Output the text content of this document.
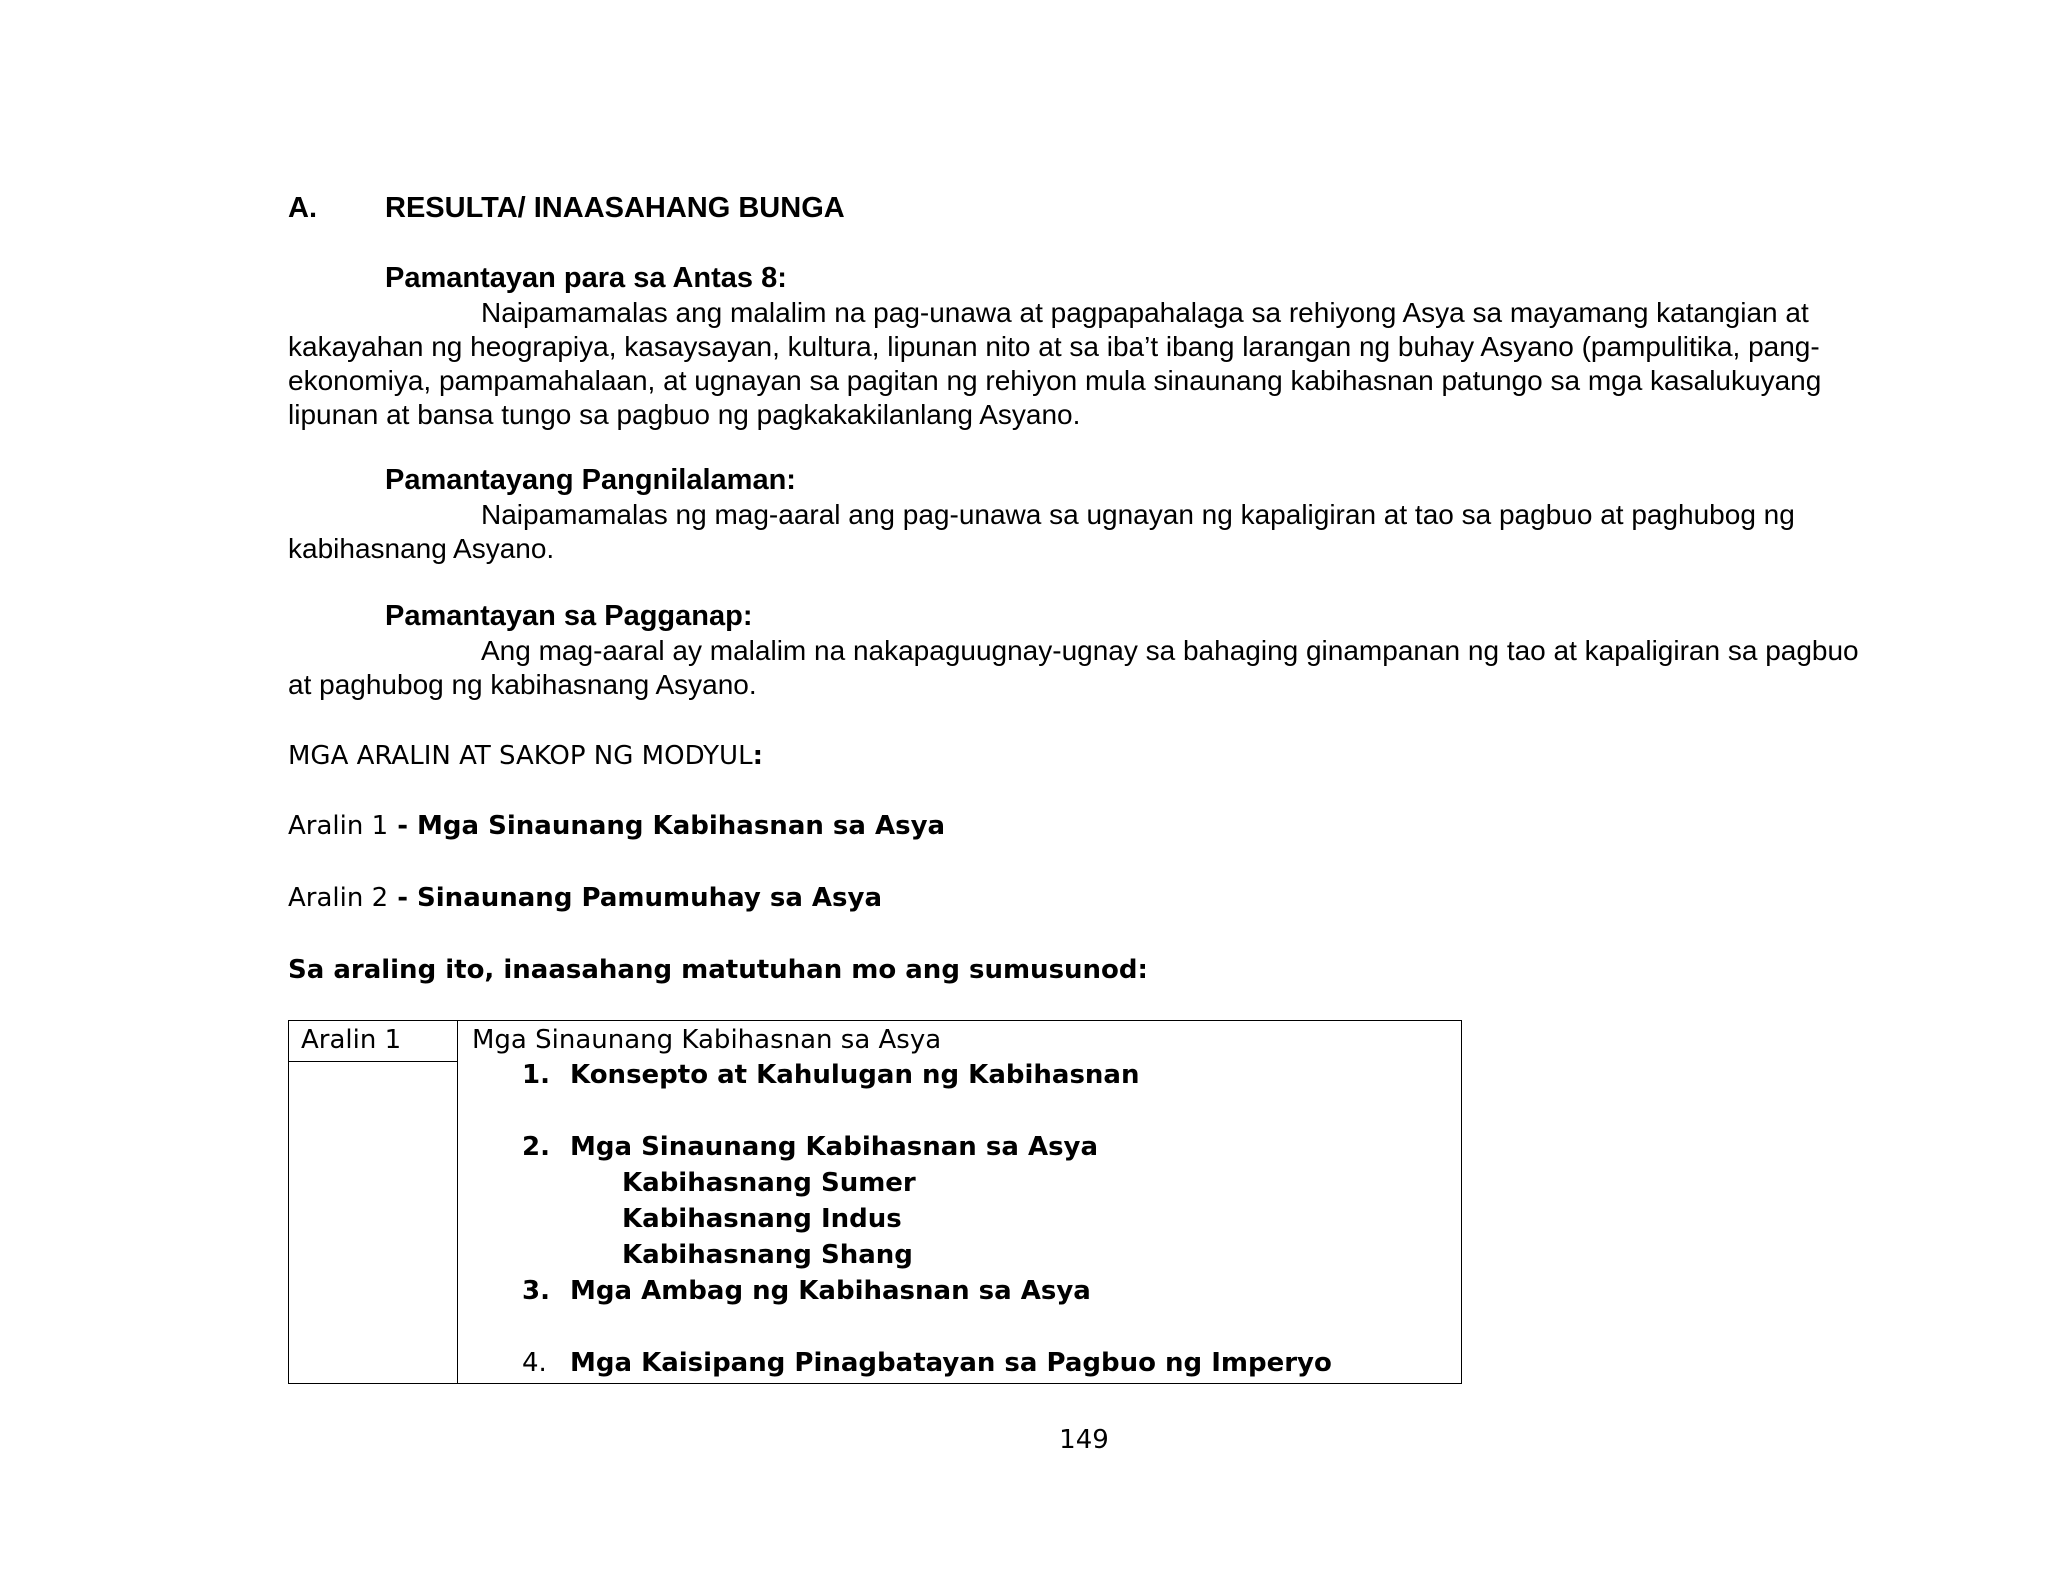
A. RESULTA/ INAASAHANG BUNGA
Pamantayan para sa Antas 8:

Naipamamalas ang malalim na pag-unawa at pagpapahalaga sa rehiyong Asya sa mayamang katangian at kakayahan ng heograpiya, kasaysayan, kultura, lipunan nito at sa iba’t ibang larangan ng buhay Asyano (pampulitika, pang-ekonomiya, pampamahalaan, at ugnayan sa pagitan ng rehiyon mula sinaunang kabihasnan patungo sa mga kasalukuyang lipunan at bansa tungo sa pagbuo ng pagkakakilanlang Asyano.

Pamantayang Pangnilalaman:

Naipamamalas ng mag-aaral ang pag-unawa sa ugnayan ng kapaligiran at tao sa pagbuo at paghubog ng kabihasnang Asyano.

Pamantayan sa Pagganap:

Ang mag-aaral ay malalim na nakapaguugnay-ugnay sa bahaging ginampanan ng tao at kapaligiran sa pagbuo at paghubog ng kabihasnang Asyano.

MGA ARALIN AT SAKOP NG MODYUL:
Aralin 1 - Mga Sinaunang Kabihasnan sa Asya
Aralin 2 - Sinaunang Pamumuhay sa Asya
Sa araling ito, inaasahang matutuhan mo ang sumusunod:
Aralin 1	Mga Sinaunang Kabihasnan sa Asya
1. Konsepto at Kahulugan ng Kabihasnan
2. Mga Sinaunang Kabihasnan sa Asya
Kabihasnang Sumer
Kabihasnang Indus
Kabihasnang Shang
3. Mga Ambag ng Kabihasnan sa Asya
4. Mga Kaisipang Pinagbatayan sa Pagbuo ng Imperyo
149
